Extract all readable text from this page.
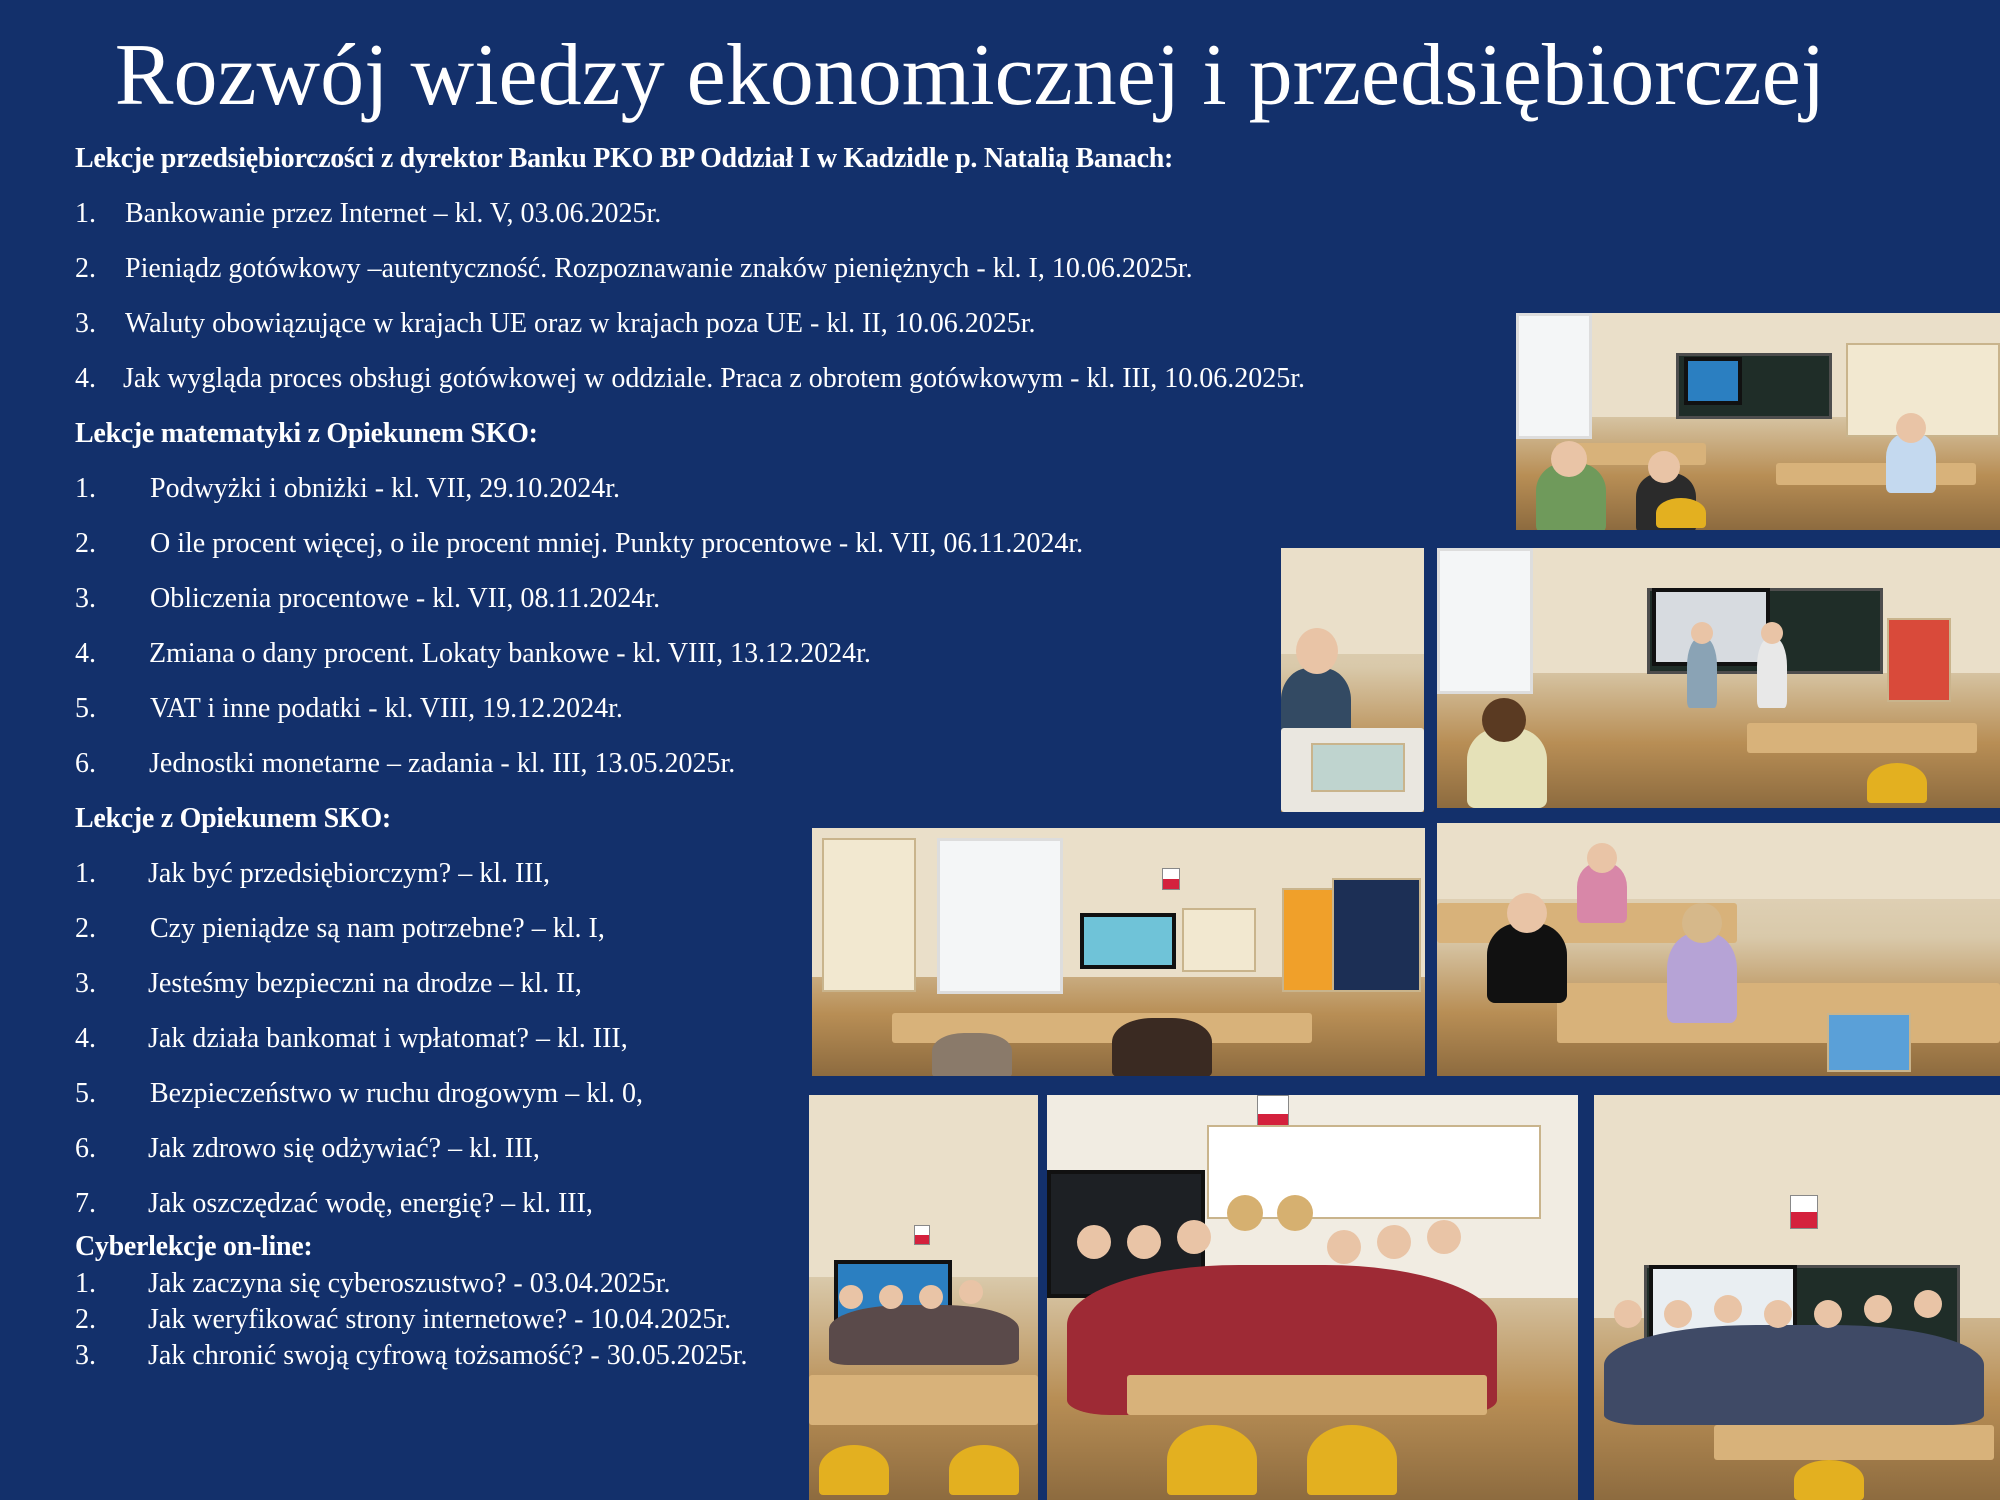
Rozwój wiedzy ekonomicznej i przedsiębiorczej

Lekcje przedsiębiorczości z dyrektor Banku PKO BP Oddział I w Kadzidle p. Natalią Banach:

1.	Bankowanie przez Internet – kl. V, 03.06.2025r.

2.	Pieniądz gotówkowy –autentyczność. Rozpoznawanie znaków pieniężnych - kl. I, 10.06.2025r.

3.	Waluty obowiązujące w krajach UE oraz w krajach poza UE - kl. II, 10.06.2025r.

4. Jak wygląda proces obsługi gotówkowej w oddziale. Praca z obrotem gotówkowym - kl. III, 10.06.2025r.

Lekcje matematyki z Opiekunem SKO:

1.	Podwyżki i obniżki - kl. VII, 29.10.2024r.

2.	O ile procent więcej, o ile procent mniej. Punkty procentowe - kl. VII, 06.11.2024r.

3.	Obliczenia procentowe - kl. VII, 08.11.2024r.

4.	Zmiana o dany procent. Lokaty bankowe - kl. VIII, 13.12.2024r.

5.	VAT i inne podatki - kl. VIII, 19.12.2024r.

6.	Jednostki monetarne – zadania - kl. III, 13.05.2025r.

Lekcje z Opiekunem SKO:

1.	Jak być przedsiębiorczym? – kl. III,

2.	Czy pieniądze są nam potrzebne? – kl. I,

3.	Jesteśmy bezpieczni na drodze – kl. II,

4.	Jak działa bankomat i wpłatomat? – kl. III,

5.	Bezpieczeństwo w ruchu drogowym – kl. 0,

6.	Jak zdrowo się odżywiać? – kl. III,

7.	Jak oszczędzać wodę, energię? – kl. III,

Cyberlekcje on-line:

1.	Jak zaczyna się cyberoszustwo? - 03.04.2025r.

2.	Jak weryfikować strony internetowe? - 10.04.2025r.

3.	Jak chronić swoją cyfrową tożsamość? - 30.05.2025r.
